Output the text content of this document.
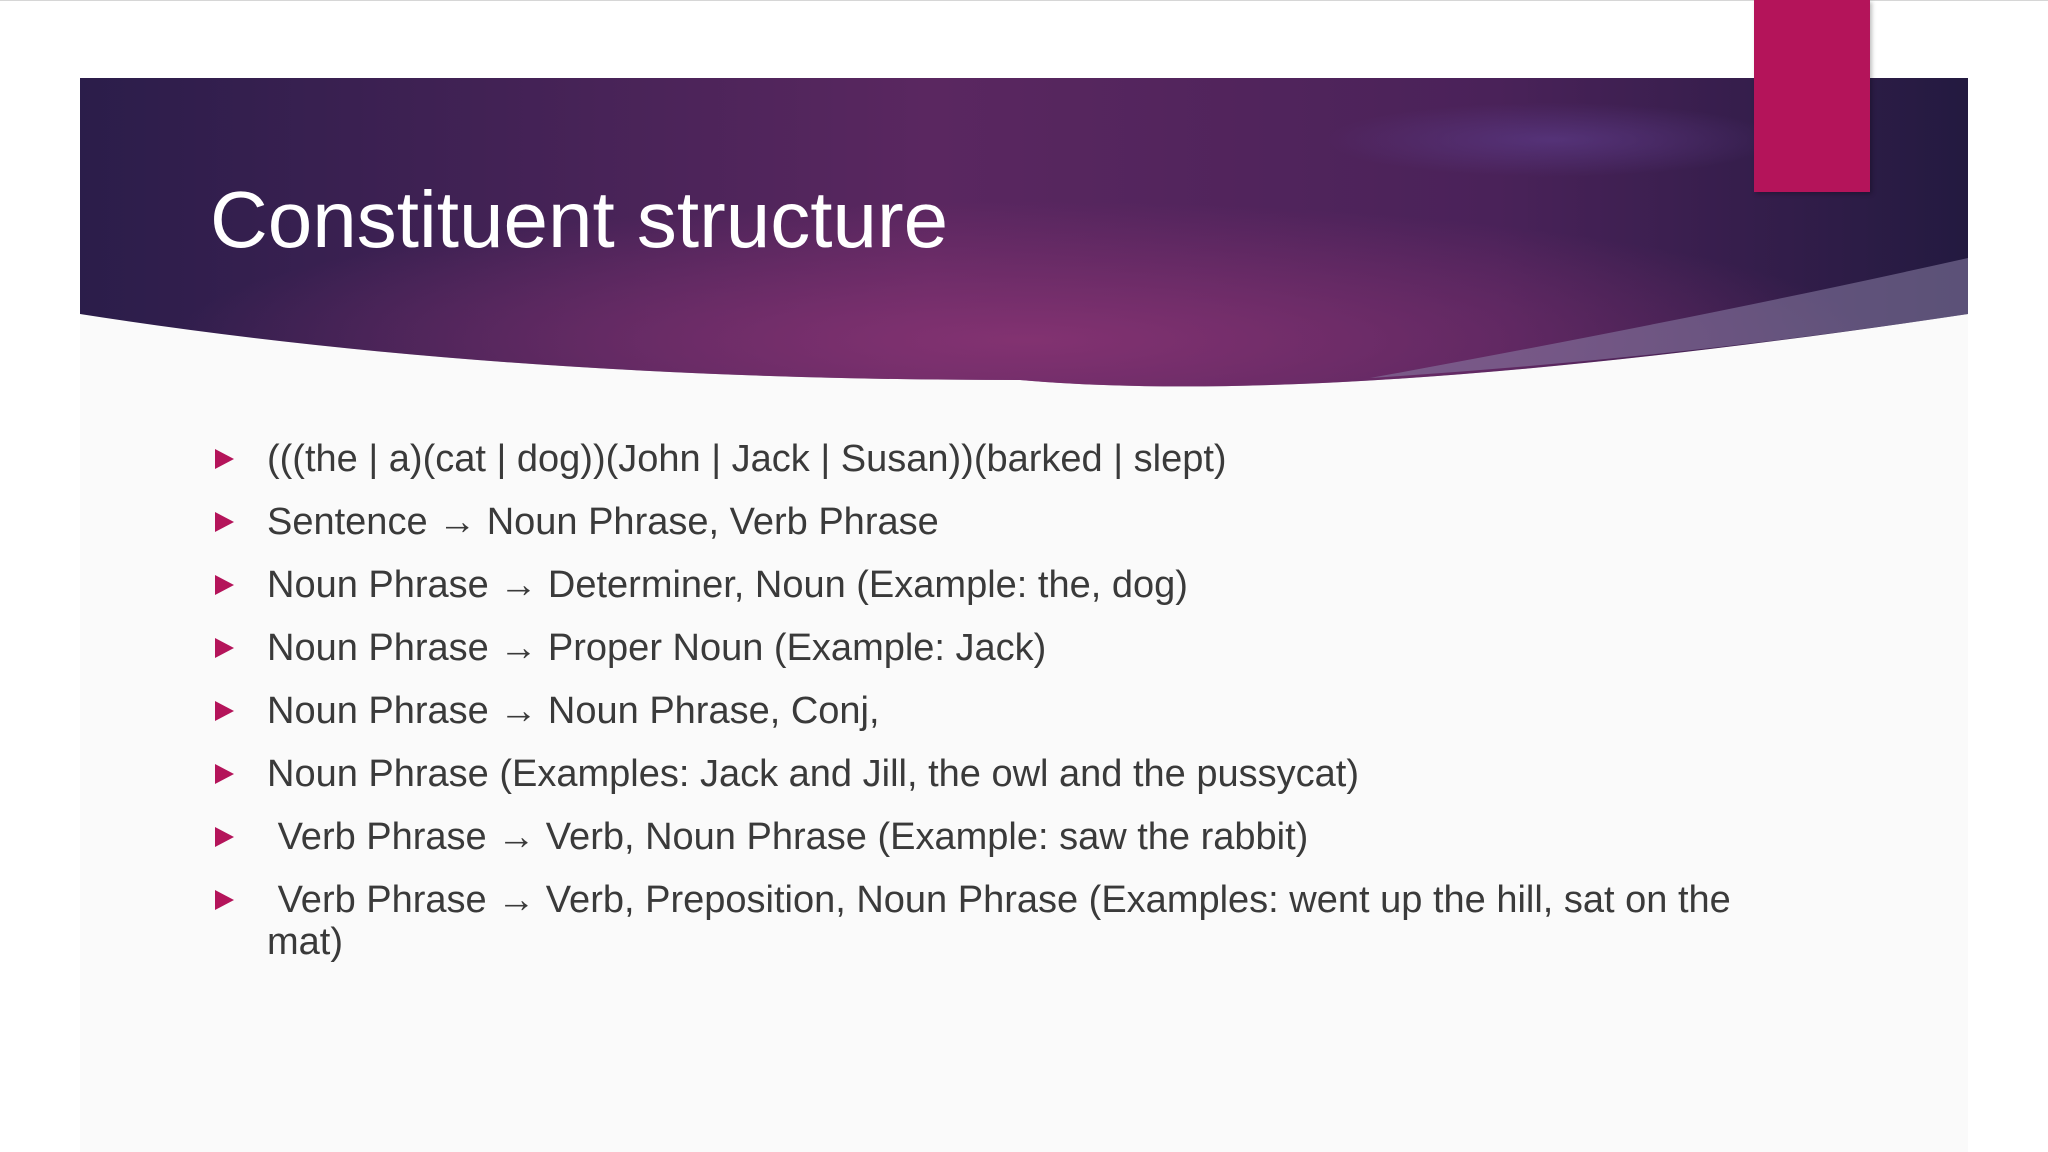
Constituent structure
(((the | a)(cat | dog))(John | Jack | Susan))(barked | slept)
Sentence → Noun Phrase, Verb Phrase
Noun Phrase → Determiner, Noun (Example: the, dog)
Noun Phrase → Proper Noun (Example: Jack)
Noun Phrase → Noun Phrase, Conj,
Noun Phrase (Examples: Jack and Jill, the owl and the pussycat)
Verb Phrase → Verb, Noun Phrase (Example: saw the rabbit)
Verb Phrase → Verb, Preposition, Noun Phrase (Examples: went up the hill, sat on the mat)
